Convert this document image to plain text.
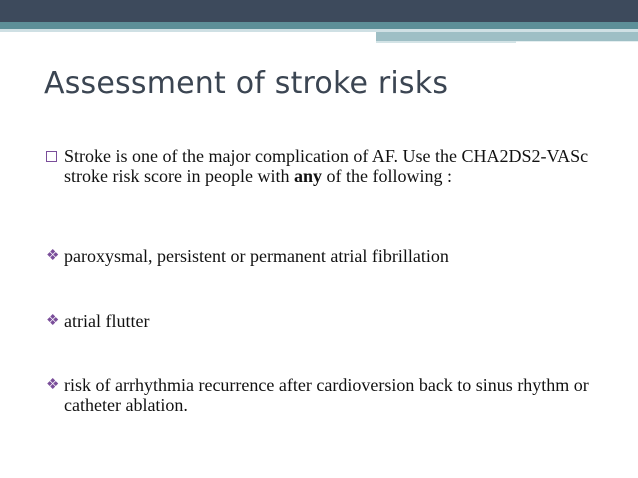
Assessment of stroke risks
Stroke is one of the major complication of AF. Use the CHA2DS2-VASc stroke risk score in people with any of the following :
❖ paroxysmal, persistent or permanent atrial fibrillation
❖ atrial flutter
❖ risk of arrhythmia recurrence after cardioversion back to sinus rhythm or catheter ablation.
